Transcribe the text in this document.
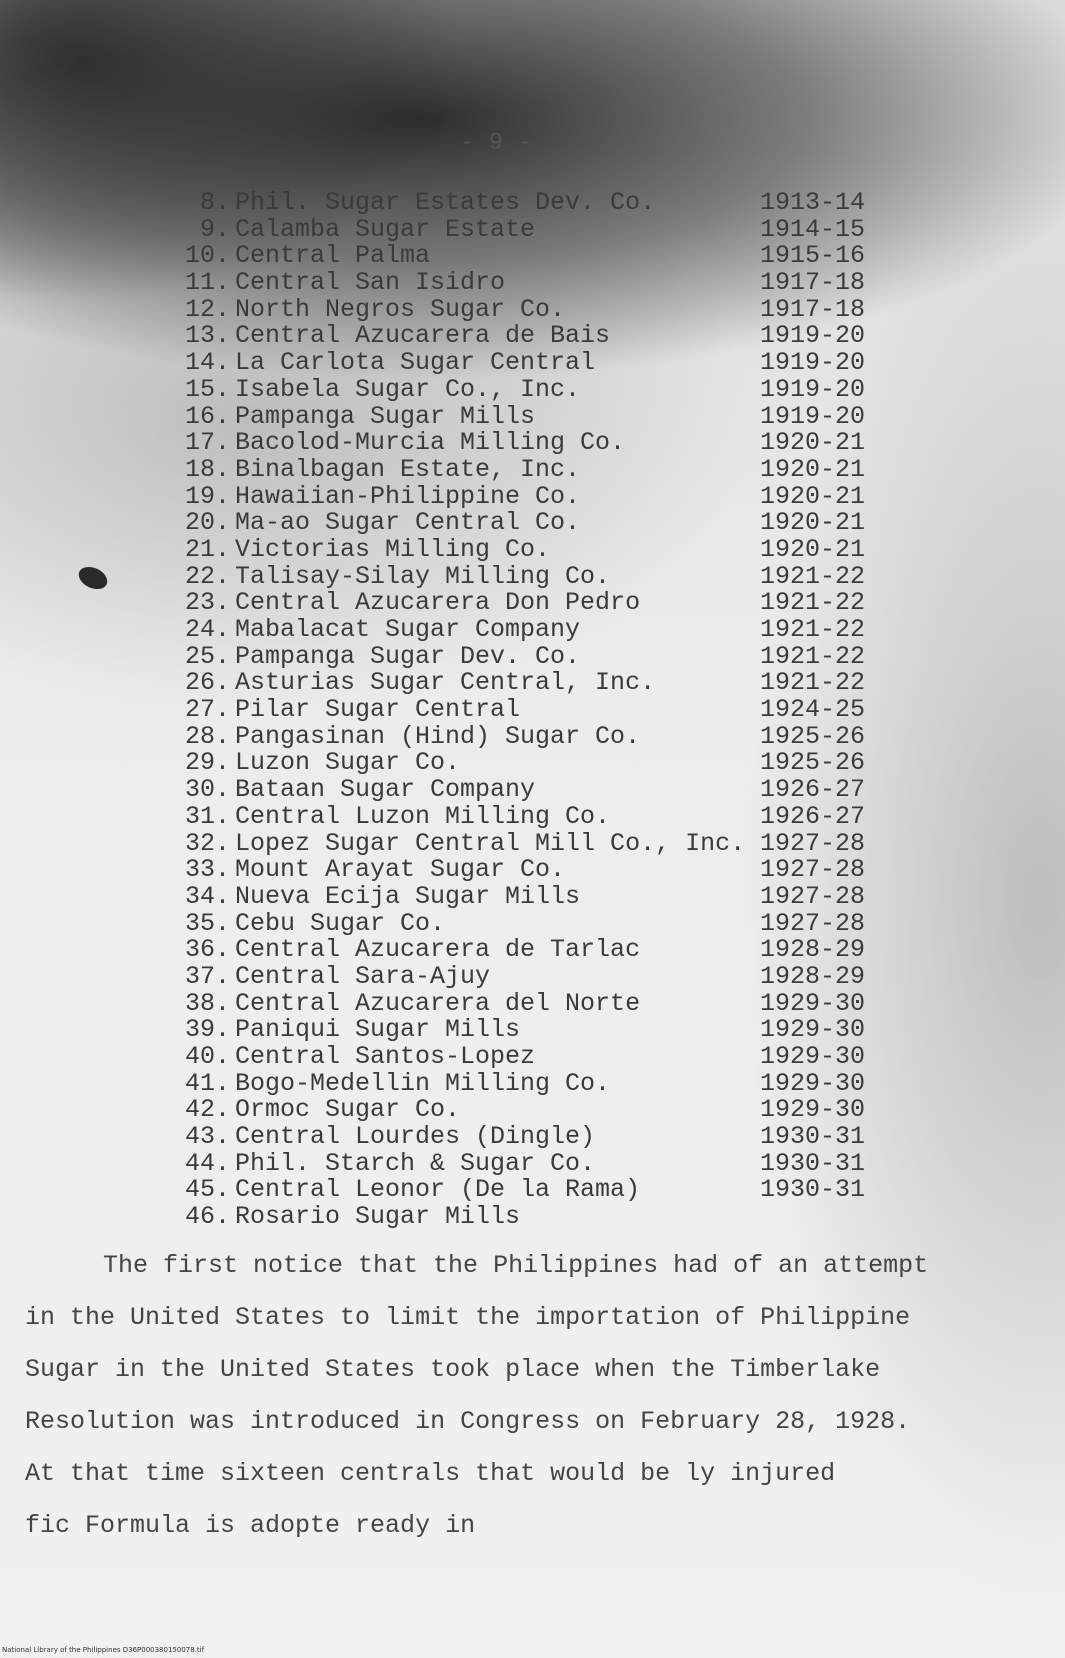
- 9 -
8. Phil. Sugar Estates Dev. Co.	1913-14
9. Calamba Sugar Estate	1914-15
10. Central Palma	1915-16
11. Central San Isidro	1917-18
12. North Negros Sugar Co.	1917-18
13. Central Azucarera de Bais	1919-20
14. La Carlota Sugar Central	1919-20
15. Isabela Sugar Co., Inc.	1919-20
16. Pampanga Sugar Mills	1919-20
17. Bacolod-Murcia Milling Co.	1920-21
18. Binalbagan Estate, Inc.	1920-21
19. Hawaiian-Philippine Co.	1920-21
20. Ma-ao Sugar Central Co.	1920-21
21. Victorias Milling Co.	1920-21
22. Talisay-Silay Milling Co.	1921-22
23. Central Azucarera Don Pedro	1921-22
24. Mabalacat Sugar Company	1921-22
25. Pampanga Sugar Dev. Co.	1921-22
26. Asturias Sugar Central, Inc.	1921-22
27. Pilar Sugar Central	1924-25
28. Pangasinan (Hind) Sugar Co.	1925-26
29. Luzon Sugar Co.	1925-26
30. Bataan Sugar Company	1926-27
31. Central Luzon Milling Co.	1926-27
32. Lopez Sugar Central Mill Co., Inc. 1927-28
33. Mount Arayat Sugar Co.	1927-28
34. Nueva Ecija Sugar Mills	1927-28
35. Cebu Sugar Co.	1927-28
36. Central Azucarera de Tarlac	1928-29
37. Central Sara-Ajuy	1928-29
38. Central Azucarera del Norte	1929-30
39. Paniqui Sugar Mills	1929-30
40. Central Santos-Lopez	1929-30
41. Bogo-Medellin Milling Co.	1929-30
42. Ormoc Sugar Co.	1929-30
43. Central Lourdes (Dingle)	1930-31
44. Phil. Starch & Sugar Co.	1930-31
45. Central Leonor (De la Rama)	1930-31
46. Rosario Sugar Mills
The first notice that the Philippines had of an attempt
in the United States to limit the importation of Philippine
Sugar in the United States took place when the Timberlake
Resolution was introduced in Congress on February 28, 1928.
At that time sixteen centrals that would be ly injured
fic Formula is adopte ready in
National Library of the Philippines D36P000380150078.tif
